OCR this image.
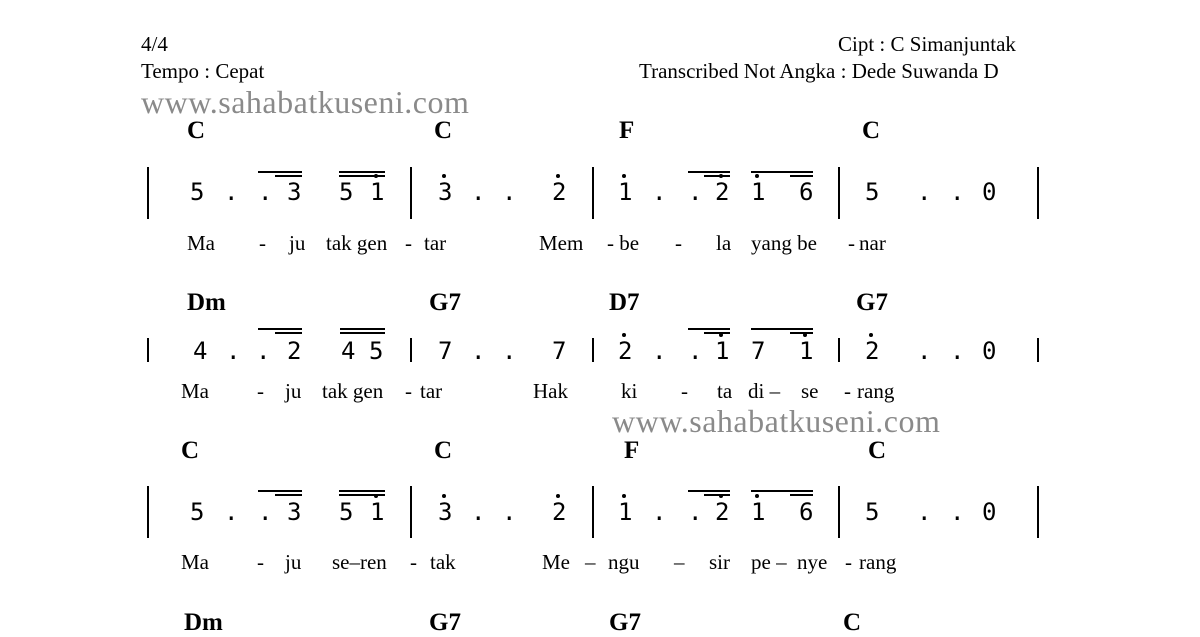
4/4
Tempo : Cepat
Cipt : C Simanjuntak
Transcribed Not Angka : Dede Suwanda D
www.sahabatkuseni.com
C	C	F	C
5 . . 3 5 1 3 . . 2 1 . . 2 1 6 5 . . 0
Ma - ju tak gen - tar	Mem - be - la yang be - nar
Dm	G7	D7	G7
4 . . 2 4 5 7 . . 7 2 . . 1 7 1 2 . . 0
Ma - ju tak gen - tar	Hak	ki - ta di – se - rang
www.sahabatkuseni.com
C	C	F	C
5 . . 3 5 1 3 . . 2 1 . . 2 1 6 5 . . 0
Ma - ju se–ren - tak	Me – ngu – sir pe – nye - rang
Dm	G7	G7	C
